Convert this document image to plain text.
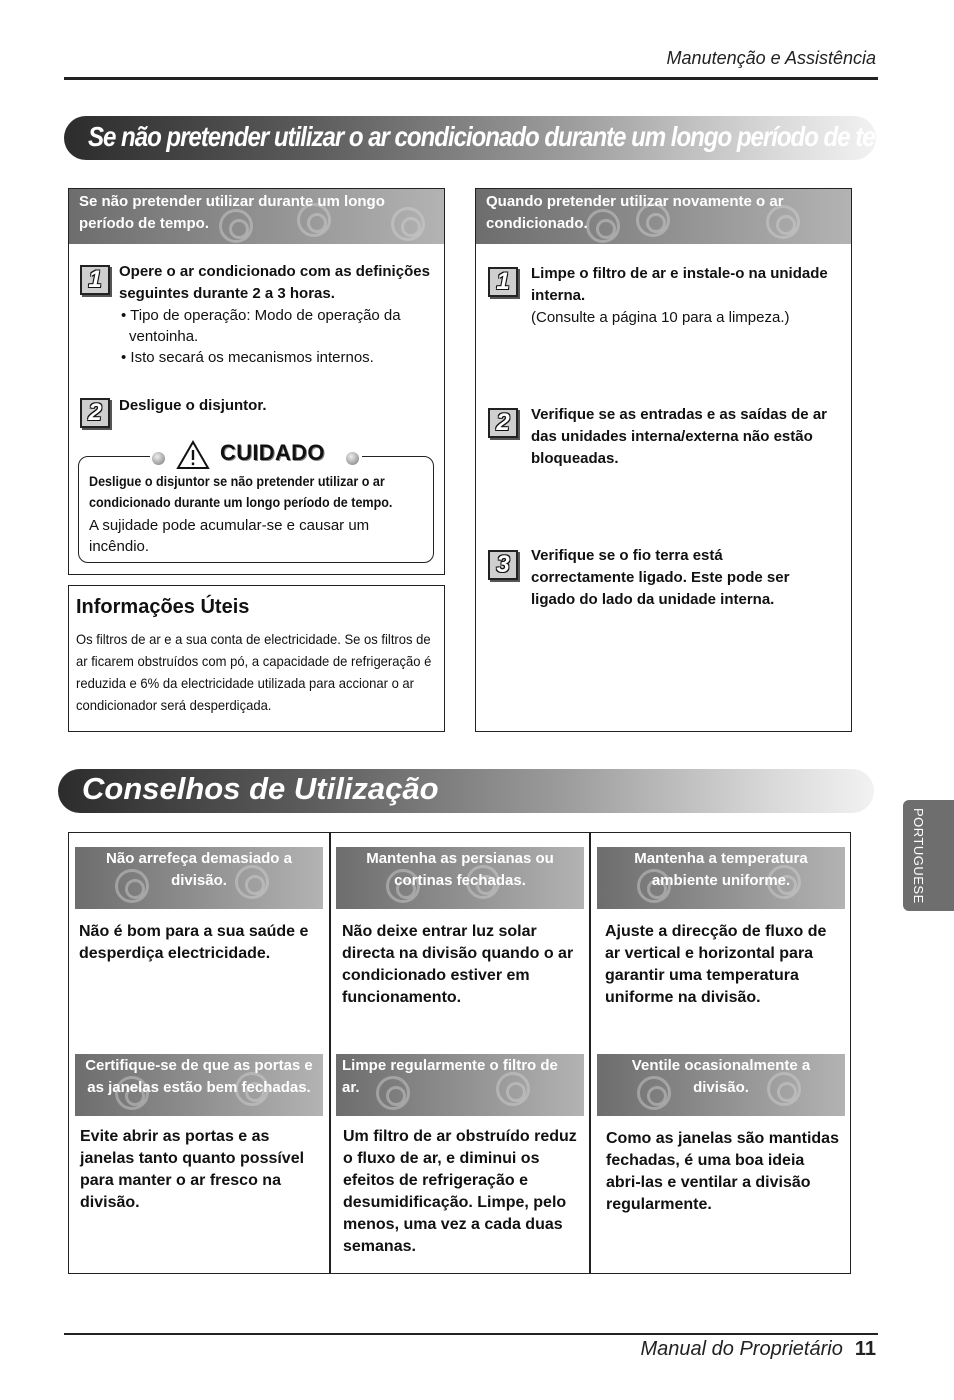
Manutenção e Assistência
Se não pretender utilizar o ar condicionado durante um longo período de tempo
Se não pretender utilizar durante um longo período de tempo.
1	Opere o ar condicionado com as definições seguintes durante 2 a 3 horas.
• Tipo de operação: Modo de operação da ventoinha.
• Isto secará os mecanismos internos.
2	Desligue o disjuntor.
Desligue o disjuntor se não pretender utilizar o ar condicionado durante um longo período de tempo.
A sujidade pode acumular-se e causar um incêndio.
CUIDADO
Informações Úteis
Os filtros de ar e a sua conta de electricidade. Se os filtros de ar ficarem obstruídos com pó, a capacidade de refrigeração é reduzida e 6% da electricidade utilizada para accionar o ar condicionador será desperdiçada.
Quando pretender utilizar novamente o ar condicionado.
1	Limpe o filtro de ar e instale-o na unidade interna.
(Consulte a página 10 para a limpeza.)
2	Verifique se as entradas e as saídas de ar das unidades interna/externa não estão bloqueadas.
3	Verifique se o fio terra está correctamente ligado. Este pode ser ligado do lado da unidade interna.
Conselhos de Utilização
PORTUGUESE
Não arrefeça demasiado a divisão.
Não é bom para a sua saúde e desperdiça electricidade.
Mantenha as persianas ou cortinas fechadas.
Não deixe entrar luz solar directa na divisão quando o ar condicionado estiver em funcionamento.
Mantenha a temperatura ambiente uniforme.
Ajuste a direcção de fluxo de ar vertical e horizontal para garantir uma temperatura uniforme na divisão.
Certifique-se de que as portas e as janelas estão bem fechadas.
Evite abrir as portas e as janelas tanto quanto possível para manter o ar fresco na divisão.
Limpe regularmente o filtro de ar.
Um filtro de ar obstruído reduz o fluxo de ar, e diminui os efeitos de refrigeração e desumidificação. Limpe, pelo menos, uma vez a cada duas semanas.
Ventile ocasionalmente a divisão.
Como as janelas são mantidas fechadas, é uma boa ideia abri-las e ventilar a divisão regularmente.
Manual do Proprietário 11
